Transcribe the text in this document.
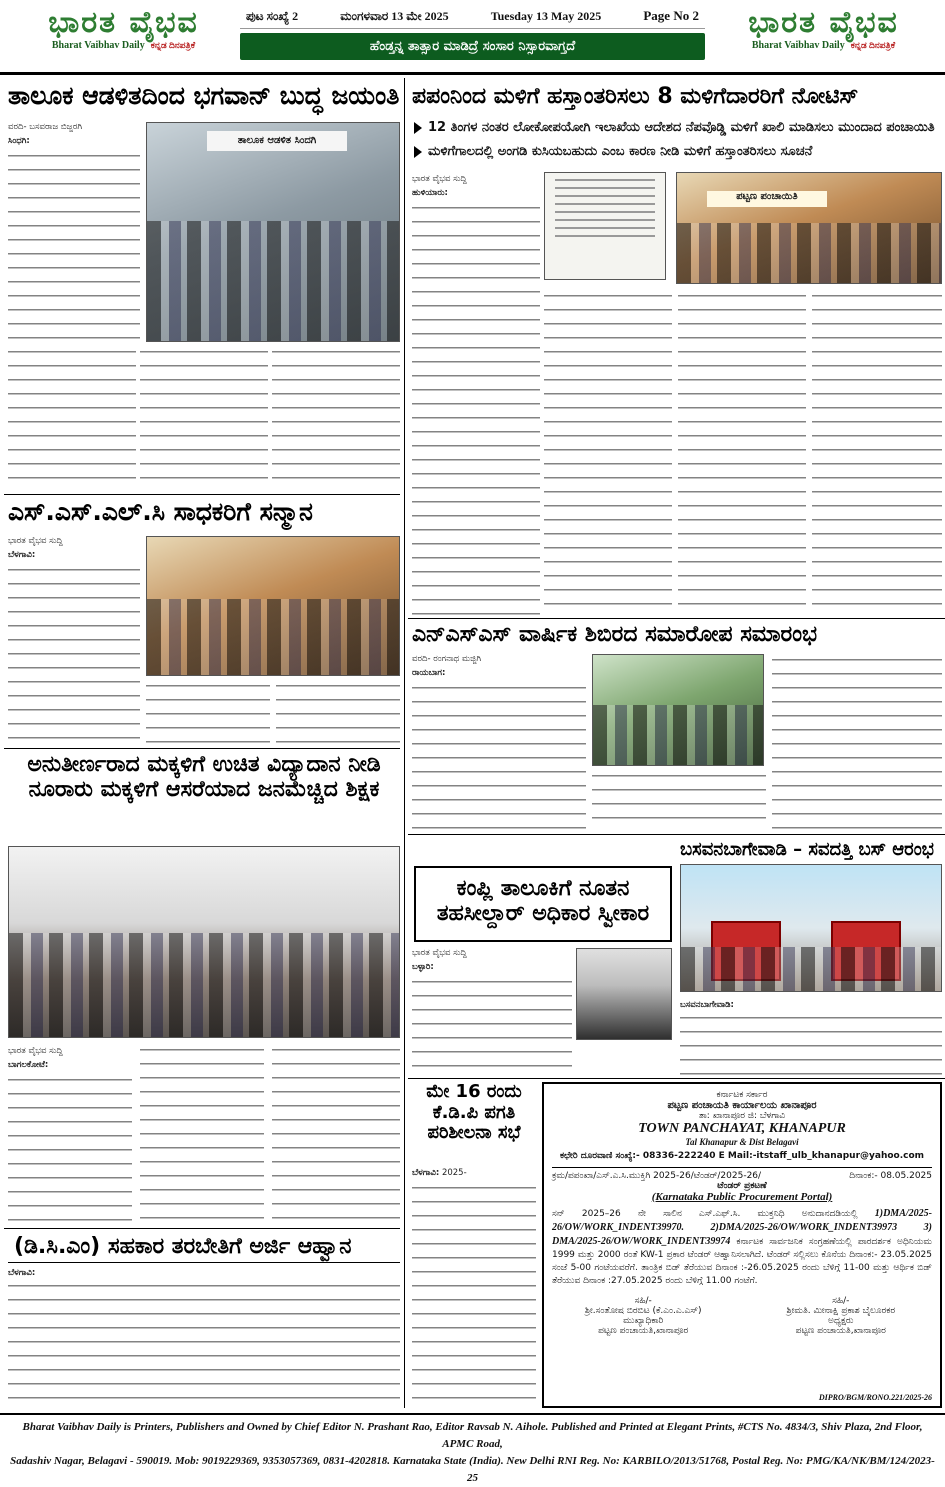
ಭಾರತ ವೈಭವ
Bharat Vaibhav Daily ಕನ್ನಡ ದಿನಪತ್ರಿಕೆ
ಪುಟ ಸಂಖ್ಯೆ 2	ಮಂಗಳವಾರ 13 ಮೇ 2025	Tuesday 13 May 2025	Page No 2
ಹೆಂಡ್ತನ್ನ ತಾತ್ಸಾರ ಮಾಡಿದ್ರೆ ಸಂಸಾರ ನಿಸ್ಸಾರವಾಗ್ತದೆ
ಭಾರತ ವೈಭವ
Bharat Vaibhav Daily ಕನ್ನಡ ದಿನಪತ್ರಿಕೆ
ತಾಲೂಕ ಆಡಳಿತದಿಂದ ಭಗವಾನ್ ಬುದ್ಧ ಜಯಂತಿ
ವರದಿ- ಬಸವರಾಜ ಬಿಜ್ಜರಗಿ
ಸಿಂಧಗಿ:	ತಾಲೂಕ ಆಡಳಿತ ಸಿಂದಗಿ
ಎಸ್.ಎಸ್.ಎಲ್.ಸಿ ಸಾಧಕರಿಗೆ ಸನ್ಮಾನ
ಭಾರತ ವೈಭವ ಸುದ್ದಿ
ಬೆಳಗಾವಿ:
ಅನುತೀರ್ಣರಾದ ಮಕ್ಕಳಿಗೆ ಉಚಿತ ವಿದ್ಯಾದಾನ ನೀಡಿ
ನೂರಾರು ಮಕ್ಕಳಿಗೆ ಆಸರೆಯಾದ ಜನಮೆಚ್ಚಿದ ಶಿಕ್ಷಕ
ಭಾರತ ವೈಭವ ಸುದ್ದಿ
ಬಾಗಲಕೋಟೆ:
(ಡಿ.ಸಿ.ಎಂ) ಸಹಕಾರ ತರಬೇತಿಗೆ ಅರ್ಜಿ ಆಹ್ವಾನ
ಬೆಳಗಾವಿ:
ಪಪಂನಿಂದ ಮಳಿಗೆ ಹಸ್ತಾಂತರಿಸಲು 8 ಮಳಿಗೆದಾರರಿಗೆ ನೋಟಿಸ್
12 ತಿಂಗಳ ನಂತರ ಲೋಕೋಪಯೋಗಿ ಇಲಾಖೆಯ ಆದೇಶದ ನೆಪವೊಡ್ಡಿ ಮಳಿಗೆ ಖಾಲಿ ಮಾಡಿಸಲು ಮುಂದಾದ ಪಂಚಾಯಿತಿ
ಮಳಿಗೆಗಾಲದಲ್ಲಿ ಅಂಗಡಿ ಕುಸಿಯಬಹುದು ಎಂಬ ಕಾರಣ ನೀಡಿ ಮಳಿಗೆ ಹಸ್ತಾಂತರಿಸಲು ಸೂಚನೆ
ಭಾರತ ವೈಭವ ಸುದ್ದಿ
ಹುಳಿಯಾರು:	ಪಟ್ಟಣ ಪಂಚಾಯಿತಿ
ಎನ್‌ಎಸ್‌ಎಸ್ ವಾರ್ಷಿಕ ಶಿಬಿರದ ಸಮಾರೋಪ ಸಮಾರಂಭ
ವರದಿ- ರಂಗನಾಥ ಮಜ್ಜಿಗಿ
ರಾಯಬಾಗ:
ಬಸವನಬಾಗೇವಾಡಿ – ಸವದತ್ತಿ ಬಸ್ ಆರಂಭ
ಬಸವನಬಾಗೇವಾಡಿ:
ಕಂಪ್ಲಿ ತಾಲೂಕಿಗೆ ನೂತನ
ತಹಸೀಲ್ದಾರ್ ಅಧಿಕಾರ ಸ್ವೀಕಾರ
ಭಾರತ ವೈಭವ ಸುದ್ದಿ
ಬಳ್ಳಾರಿ:
ಮೇ 16 ರಂದು
ಕೆ.ಡಿ.ಪಿ ಪಗತಿ
ಪರಿಶೀಲನಾ ಸಭೆ
ಬೆಳಗಾವಿ: 2025-
ಕರ್ನಾಟಕ ಸರ್ಕಾರ
ಪಟ್ಟಣ ಪಂಚಾಯತಿ ಕಾರ್ಯಾಲಯ ಖಾನಾಪೂರ
ತಾ: ಖಾನಾಪೂರ ಜಿ: ಬೆಳಗಾವಿ
TOWN PANCHAYAT, KHANAPUR
Tal Khanapur & Dist Belagavi
ಕಛೇರಿ ದೂರವಾಣಿ ಸಂಖ್ಯೆ:- 08336-222240 E Mail:-itstaff_ulb_khanapur@yahoo.com
ಕ್ರಮ/ಪಪಂಖಾ/ಎಸ್.ಎ.ಸಿ.ಮುಕ್ತಿಗಿ 2025-26/ಟೆಂಡರ್/2025-26/	ದಿನಾಂಕ:- 08.05.2025
ಟೆಂಡರ್ ಪ್ರಕಟಣೆ
(Karnataka Public Procurement Portal)
ಸನ್ 2025–26 ನೇ ಸಾಲಿನ ಎಸ್.ಎಫ್.ಸಿ. ಮುಕ್ತನಿಧಿ ಅನುದಾನದಡಿಯಲ್ಲಿ 1)DMA/2025-26/OW/WORK_INDENT39970. 2)DMA/2025-26/OW/WORK_INDENT39973 3) DMA/2025-26/OW/WORK_INDENT39974 ಕರ್ನಾಟಕ ಸಾರ್ವಜನಿಕ ಸಂಗ್ರಹಣೆಯಲ್ಲಿ ಪಾರದರ್ಶಕ ಅಧಿನಿಯಮ 1999 ಮತ್ತು 2000 ರಂತೆ KW-1 ಪ್ರಕಾರ ಟೆಂಡರ್ ಆಹ್ವಾನಿಸಲಾಗಿದೆ. ಟೆಂಡರ್ ಸಲ್ಲಿಸಲು ಕೊನೆಯ ದಿನಾಂಕ:- 23.05.2025 ಸಂಜೆ 5-00 ಗಂಟೆಯವರೆಗೆ. ತಾಂತ್ರಿಕ ಬಿಡ್ ತೆರೆಯುವ ದಿನಾಂಕ :-26.05.2025 ರಂದು ಬೆಳಿಗ್ಗೆ 11-00 ಮತ್ತು ಆರ್ಥಿಕ ಬಿಡ್ ತೆರೆಯುವ ದಿನಾಂಕ :27.05.2025 ರಂದು ಬೆಳಿಗ್ಗೆ 11.00 ಗಂಟೆಗೆ.
ಸಹಿ/-
ಶ್ರೀ.ಸಂತೋಷ ಬಿರಬಿಟ (ಕೆ.ಎಂ.ಎ.ಎಸ್)
ಮುಖ್ಯಾಧಿಕಾರಿ
ಪಟ್ಟಣ ಪಂಚಾಯತಿ,ಖಾನಾಪೂರ
ಸಹಿ/-
ಶ್ರೀಮತಿ. ಮೀನಾಕ್ಷಿ ಪ್ರಕಾಶ ಬೈಲೂರಕರ
ಅಧ್ಯಕ್ಷರು
ಪಟ್ಟಣ ಪಂಚಾಯತಿ,ಖಾನಾಪೂರ
DIPRO/BGM/RONO.221/2025-26
Bharat Vaibhav Daily is Printers, Publishers and Owned by Chief Editor N. Prashant Rao, Editor Ravsab N. Aihole. Published and Printed at Elegant Prints, #CTS No. 4834/3, Shiv Plaza, 2nd Floor, APMC Road,
Sadashiv Nagar, Belagavi - 590019. Mob: 9019229369, 9353057369, 0831-4202818. Karnataka State (India). New Delhi RNI Reg. No: KARBILO/2013/51768, Postal Reg. No: PMG/KA/NK/BM/124/2023-25
